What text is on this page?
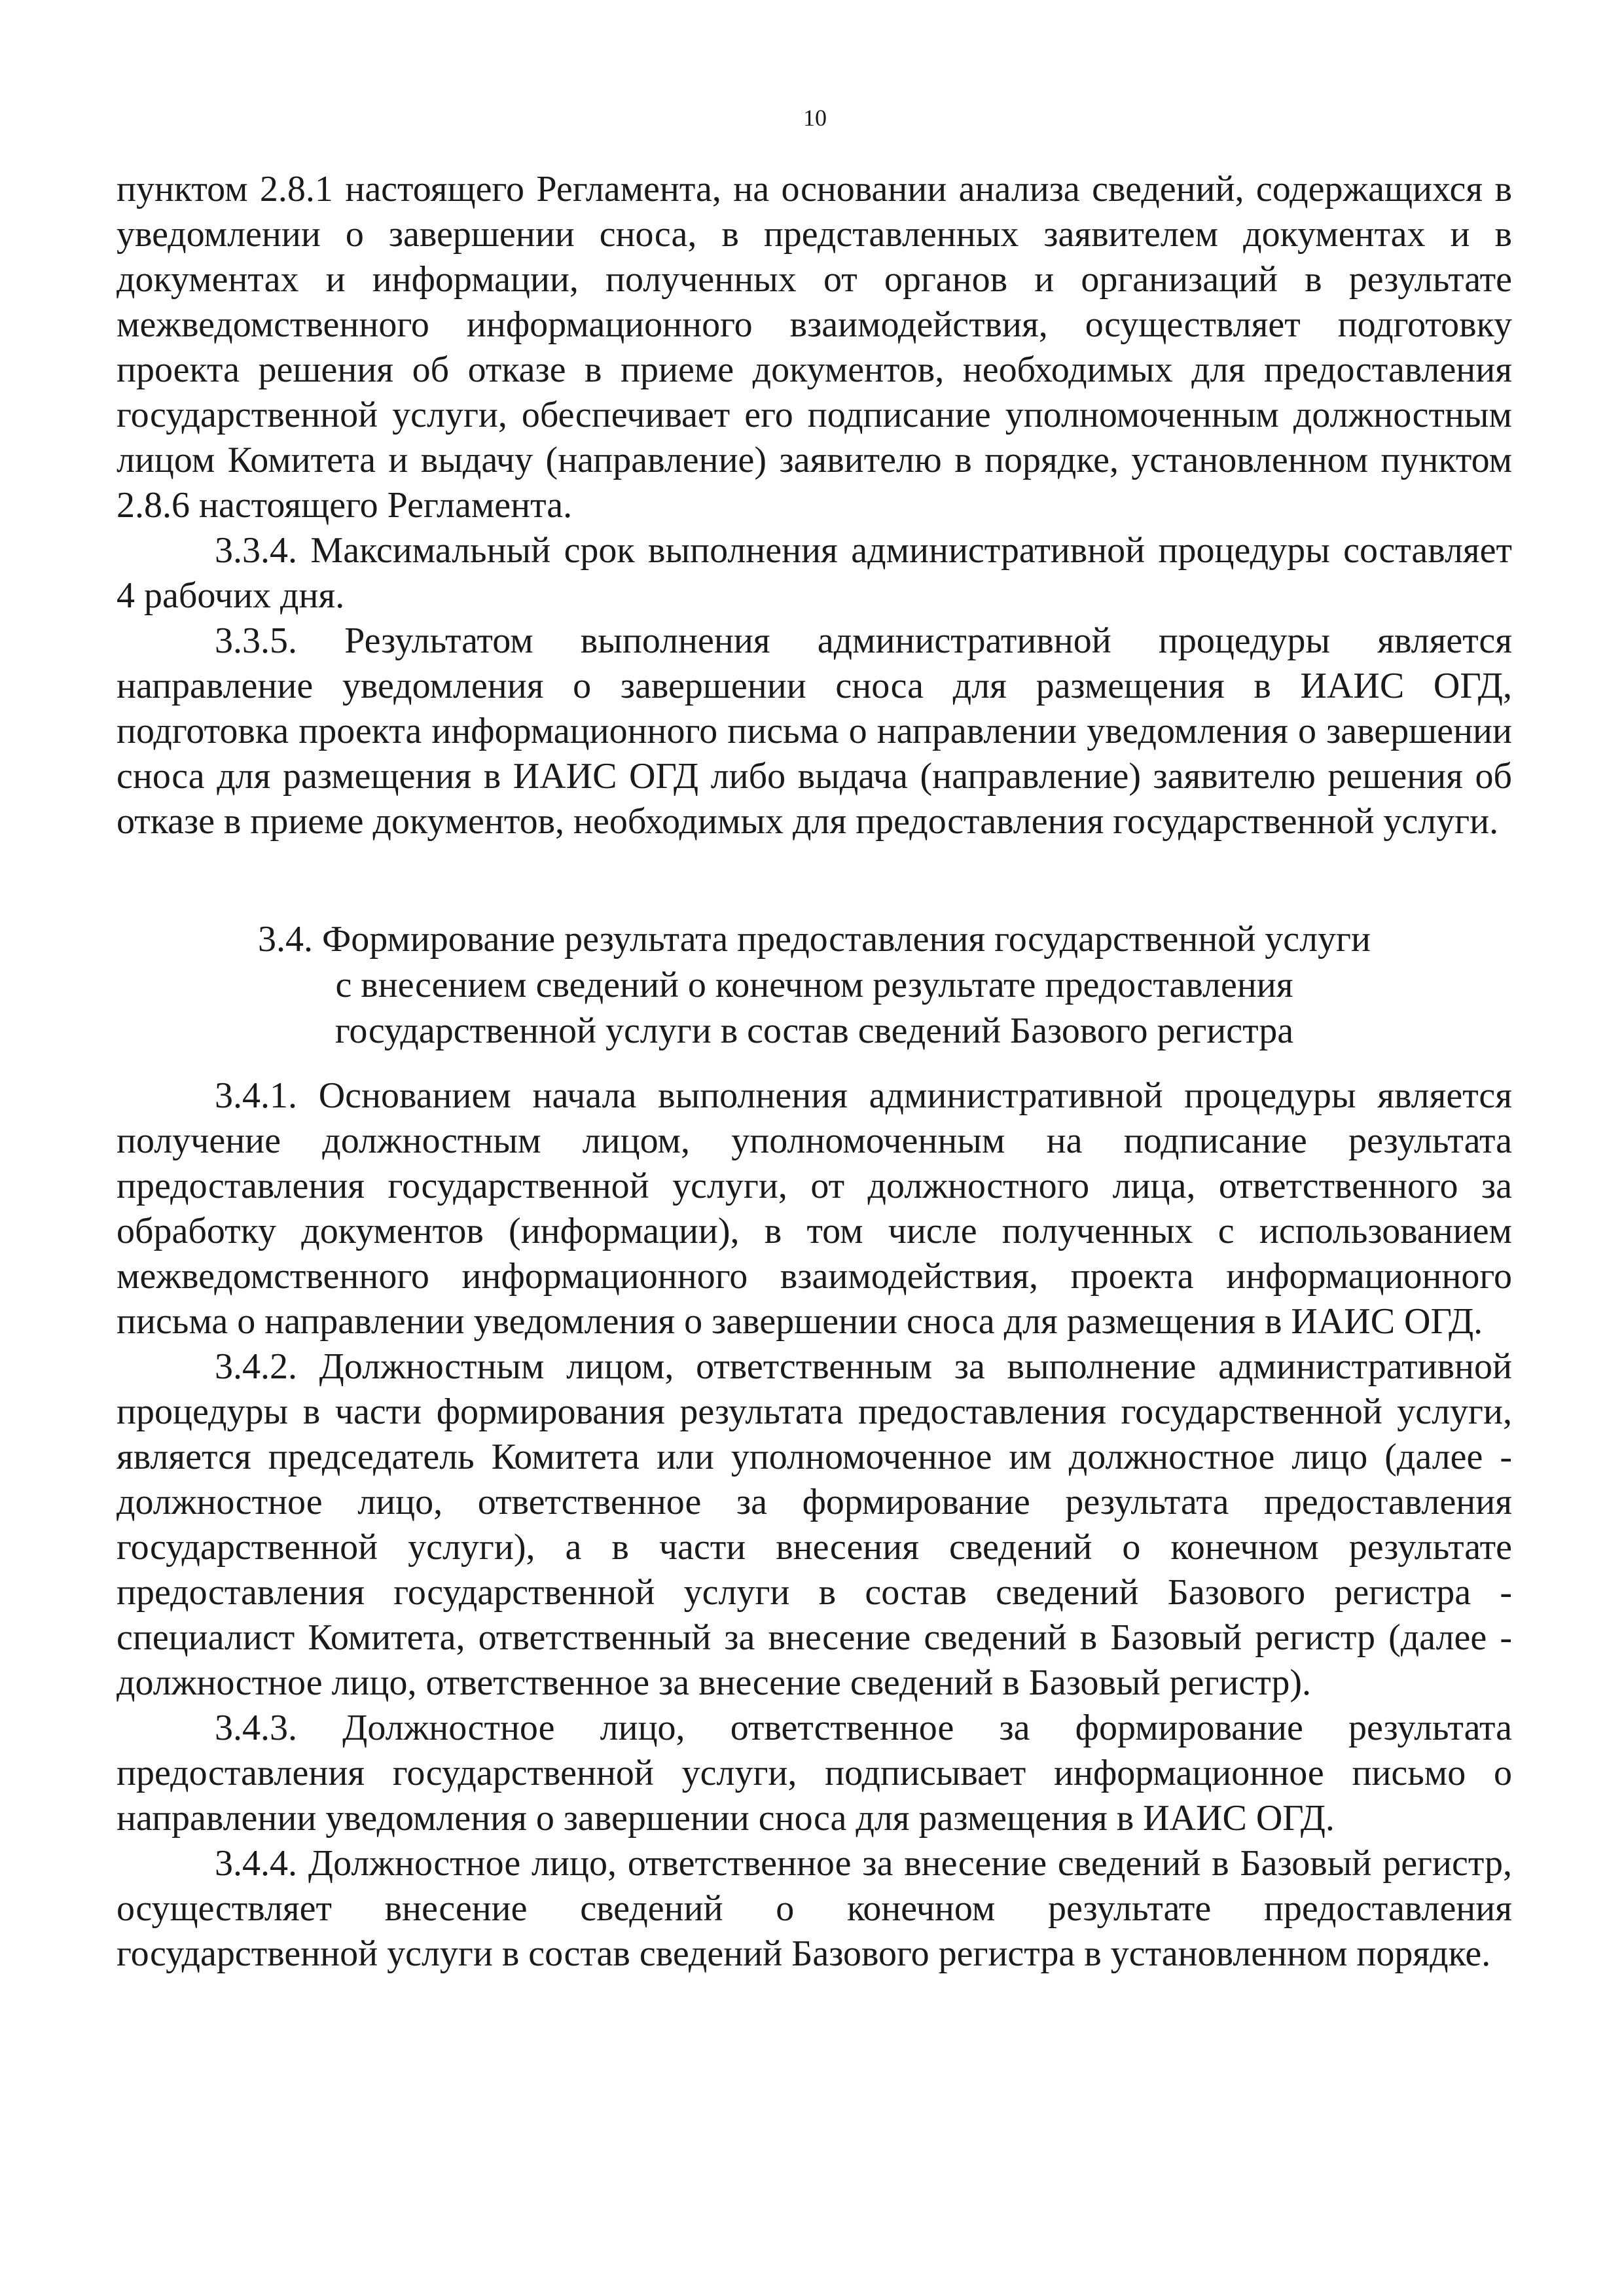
10

пунктом 2.8.1 настоящего Регламента, на основании анализа сведений, содержащихся в уведомлении о завершении сноса, в представленных заявителем документах и в документах и информации, полученных от органов и организаций в результате межведомственного информационного взаимодействия, осуществляет подготовку проекта решения об отказе в приеме документов, необходимых для предоставления государственной услуги, обеспечивает его подписание уполномоченным должностным лицом Комитета и выдачу (направление) заявителю в порядке, установленном пунктом 2.8.6 настоящего Регламента.

3.3.4. Максимальный срок выполнения административной процедуры составляет 4 рабочих дня.

3.3.5. Результатом выполнения административной процедуры является направление уведомления о завершении сноса для размещения в ИАИС ОГД, подготовка проекта информационного письма о направлении уведомления о завершении сноса для размещения в ИАИС ОГД либо выдача (направление) заявителю решения об отказе в приеме документов, необходимых для предоставления государственной услуги.

3.4. Формирование результата предоставления государственной услуги
с внесением сведений о конечном результате предоставления
государственной услуги в состав сведений Базового регистра

3.4.1. Основанием начала выполнения административной процедуры является получение должностным лицом, уполномоченным на подписание результата предоставления государственной услуги, от должностного лица, ответственного за обработку документов (информации), в том числе полученных с использованием межведомственного информационного взаимодействия, проекта информационного письма о направлении уведомления о завершении сноса для размещения в ИАИС ОГД.

3.4.2. Должностным лицом, ответственным за выполнение административной процедуры в части формирования результата предоставления государственной услуги, является председатель Комитета или уполномоченное им должностное лицо (далее - должностное лицо, ответственное за формирование результата предоставления государственной услуги), а в части внесения сведений о конечном результате предоставления государственной услуги в состав сведений Базового регистра - специалист Комитета, ответственный за внесение сведений в Базовый регистр (далее - должностное лицо, ответственное за внесение сведений в Базовый регистр).

3.4.3. Должностное лицо, ответственное за формирование результата предоставления государственной услуги, подписывает информационное письмо о направлении уведомления о завершении сноса для размещения в ИАИС ОГД.

3.4.4. Должностное лицо, ответственное за внесение сведений в Базовый регистр, осуществляет внесение сведений о конечном результате предоставления государственной услуги в состав сведений Базового регистра в установленном порядке.
